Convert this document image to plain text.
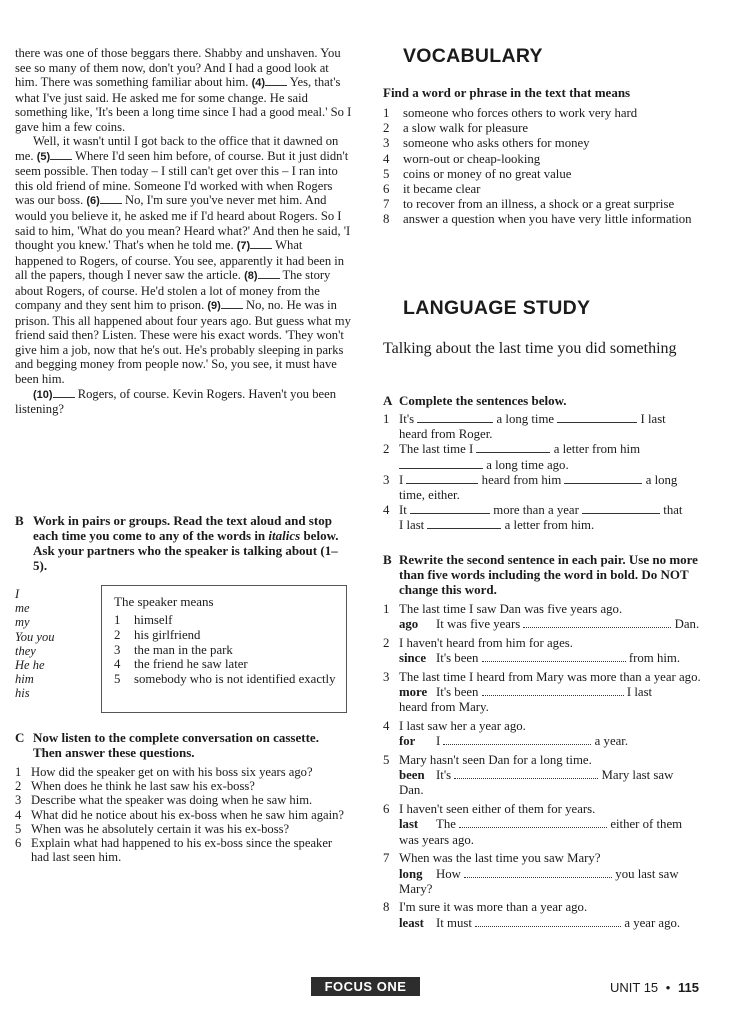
there was one of those beggars there. Shabby and unshaven. You see so many of them now, don't you? And I had a good look at him. There was something familiar about him. (4) Yes, that's what I've just said. He asked me for some change. He said something like, 'It's been a long time since I had a good meal.' So I gave him a few coins.

Well, it wasn't until I got back to the office that it dawned on me. (5) Where I'd seen him before, of course. But it just didn't seem possible. Then today – I still can't get over this – I ran into this old friend of mine. Someone I'd worked with when Rogers was our boss. (6) No, I'm sure you've never met him. And would you believe it, he asked me if I'd heard about Rogers. So I said to him, 'What do you mean? Heard what?' And then he said, 'I thought you knew.' That's when he told me. (7) What happened to Rogers, of course. You see, apparently it had been in all the papers, though I never saw the article. (8) The story about Rogers, of course. He'd stolen a lot of money from the company and they sent him to prison. (9) No, no. He was in prison. This all happened about four years ago. But guess what my friend said then? Listen. These were his exact words. 'They won't give him a job, now that he's out. He's probably sleeping in parks and begging money from people now.' So, you see, it must have been him.

(10) Rogers, of course. Kevin Rogers. Haven't you been listening?

B Work in pairs or groups. Read the text aloud and stop each time you come to any of the words in italics below. Ask your partners who the speaker is talking about (1–5).
I
me
my
You you
they
He he
him
his
The speaker means
1	himself
2	his girlfriend
3	the man in the park
4	the friend he saw later
5	somebody who is not identified exactly
C Now listen to the complete conversation on cassette. Then answer these questions.
1 How did the speaker get on with his boss six years ago?
2 When does he think he last saw his ex-boss?
3 Describe what the speaker was doing when he saw him.
4 What did he notice about his ex-boss when he saw him again?
5 When was he absolutely certain it was his ex-boss?
6 Explain what had happened to his ex-boss since the speaker had last seen him.
VOCABULARY
Find a word or phrase in the text that means
1	someone who forces others to work very hard
2	a slow walk for pleasure
3	someone who asks others for money
4	worn-out or cheap-looking
5	coins or money of no great value
6	it became clear
7	to recover from an illness, a shock or a great surprise
8	answer a question when you have very little information
LANGUAGE STUDY
Talking about the last time you did something
A Complete the sentences below.
1 It's	a long time	I last
heard from Roger.
2 The last time I	a letter from him
a long time ago.
3 I	heard from him	a long
time, either.
4 It	more than a year	that
I last	a letter from him.
B Rewrite the second sentence in each pair. Use no more than five words including the word in bold. Do NOT change this word.
1 The last time I saw Dan was five years ago.
ago It was five years	Dan.
2 I haven't heard from him for ages.
since It's been	from him.
3 The last time I heard from Mary was more than a year ago.
more It's been	I last
heard from Mary.
4 I last saw her a year ago.
for I	a year.
5 Mary hasn't seen Dan for a long time.
been It's	Mary last saw
Dan.
6 I haven't seen either of them for years.
last The	either of them
was years ago.
7 When was the last time you saw Mary?
long How	you last saw
Mary?
8 I'm sure it was more than a year ago.
least It must	a year ago.
FOCUS ONE	UNIT 15 • 115
